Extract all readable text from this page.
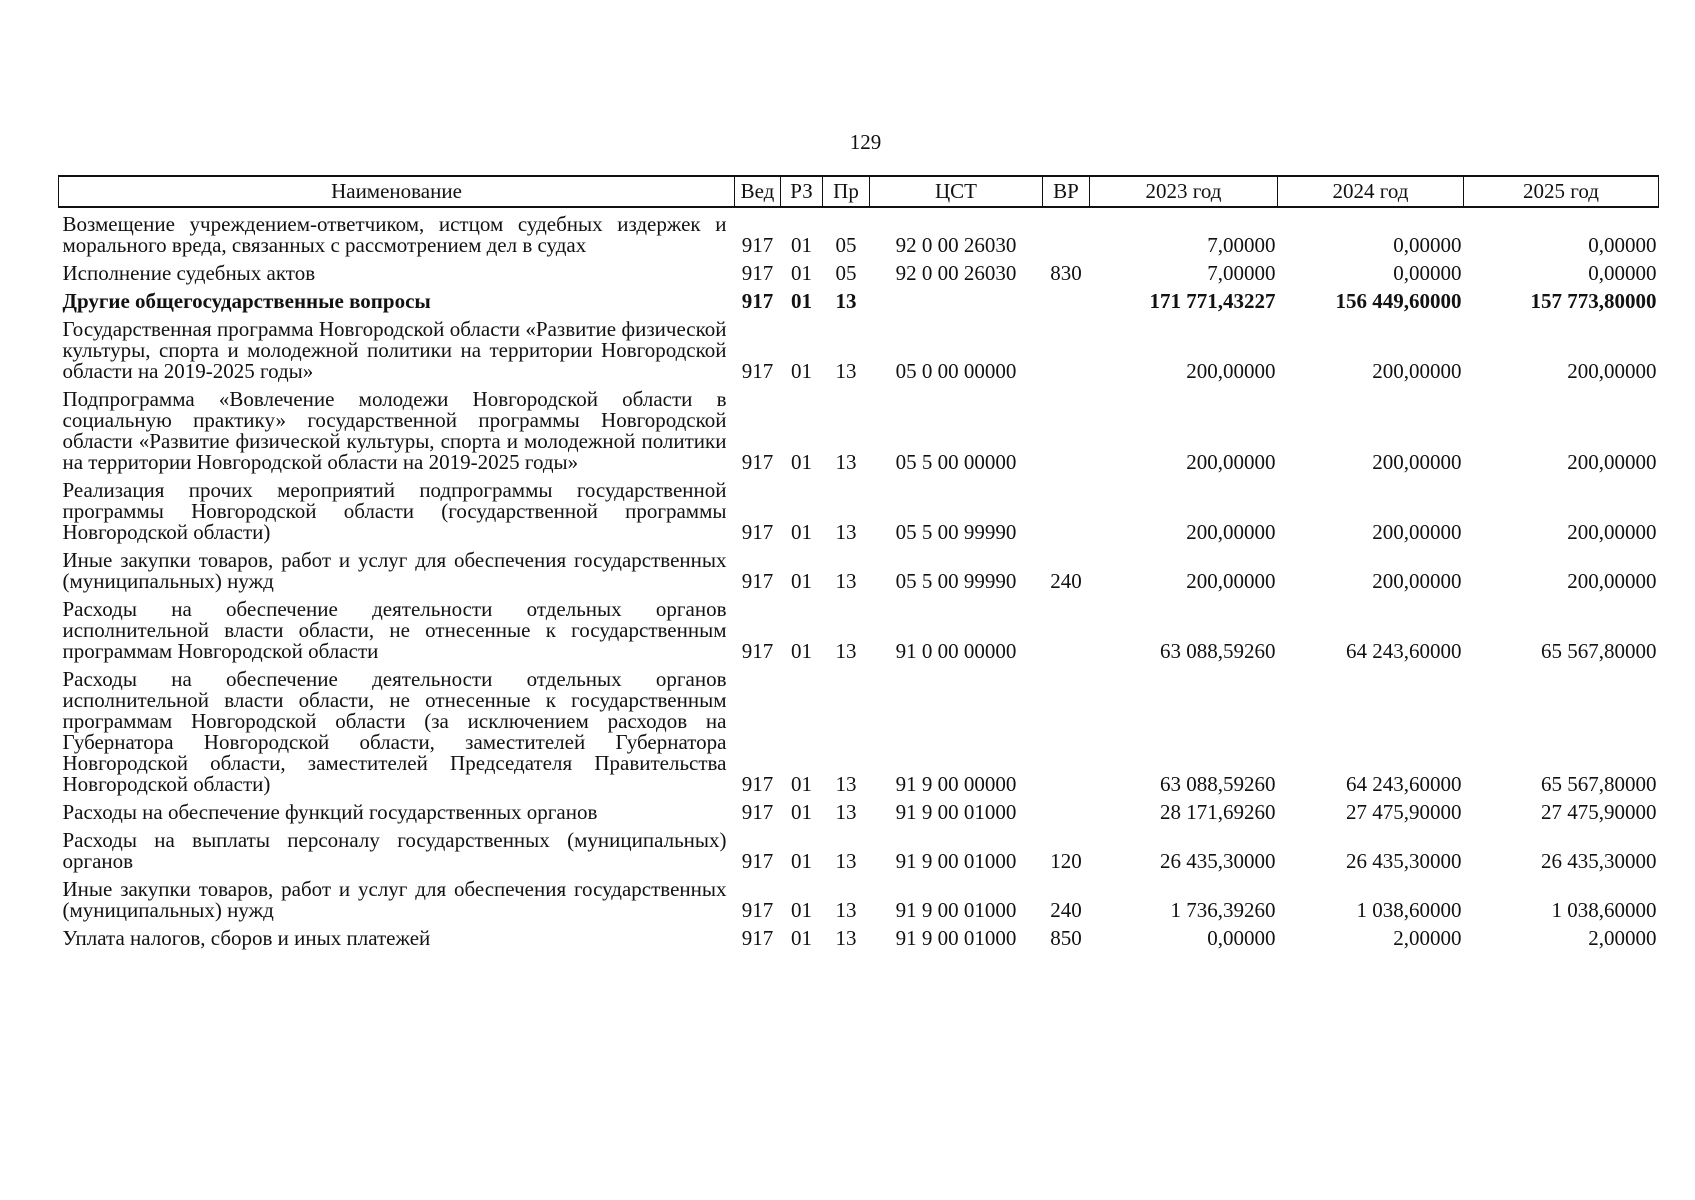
129
Наименование	Вед	РЗ	Пр	ЦСТ	ВР	2023 год	2024 год	2025 год
Возмещение учреждением-ответчиком, истцом судебных издержек и морального вреда, связанных с рассмотрением дел в судах	917	01	05	92 0 00 26030		7,00000	0,00000	0,00000
Исполнение судебных актов	917	01	05	92 0 00 26030	830	7,00000	0,00000	0,00000
Другие общегосударственные вопросы	917	01	13			171 771,43227	156 449,60000	157 773,80000
Государственная программа Новгородской области «Развитие физической культуры, спорта и молодежной политики на территории Новгородской области на 2019-2025 годы»	917	01	13	05 0 00 00000		200,00000	200,00000	200,00000
Подпрограмма «Вовлечение молодежи Новгородской области в социальную практику» государственной программы Новгородской области «Развитие физической культуры, спорта и молодежной политики на территории Новгородской области на 2019-2025 годы»	917	01	13	05 5 00 00000		200,00000	200,00000	200,00000
Реализация прочих мероприятий подпрограммы государственной программы Новгородской области (государственной программы Новгородской области)	917	01	13	05 5 00 99990		200,00000	200,00000	200,00000
Иные закупки товаров, работ и услуг для обеспечения государственных (муниципальных) нужд	917	01	13	05 5 00 99990	240	200,00000	200,00000	200,00000
Расходы на обеспечение деятельности отдельных органов исполнительной власти области, не отнесенные к государственным программам Новгородской области	917	01	13	91 0 00 00000		63 088,59260	64 243,60000	65 567,80000
Расходы на обеспечение деятельности отдельных органов исполнительной власти области, не отнесенные к государственным программам Новгородской области (за исключением расходов на Губернатора Новгородской области, заместителей Губернатора Новгородской области, заместителей Председателя Правительства Новгородской области)	917	01	13	91 9 00 00000		63 088,59260	64 243,60000	65 567,80000
Расходы на обеспечение функций государственных органов	917	01	13	91 9 00 01000		28 171,69260	27 475,90000	27 475,90000
Расходы на выплаты персоналу государственных (муниципальных) органов	917	01	13	91 9 00 01000	120	26 435,30000	26 435,30000	26 435,30000
Иные закупки товаров, работ и услуг для обеспечения государственных (муниципальных) нужд	917	01	13	91 9 00 01000	240	1 736,39260	1 038,60000	1 038,60000
Уплата налогов, сборов и иных платежей	917	01	13	91 9 00 01000	850	0,00000	2,00000	2,00000
